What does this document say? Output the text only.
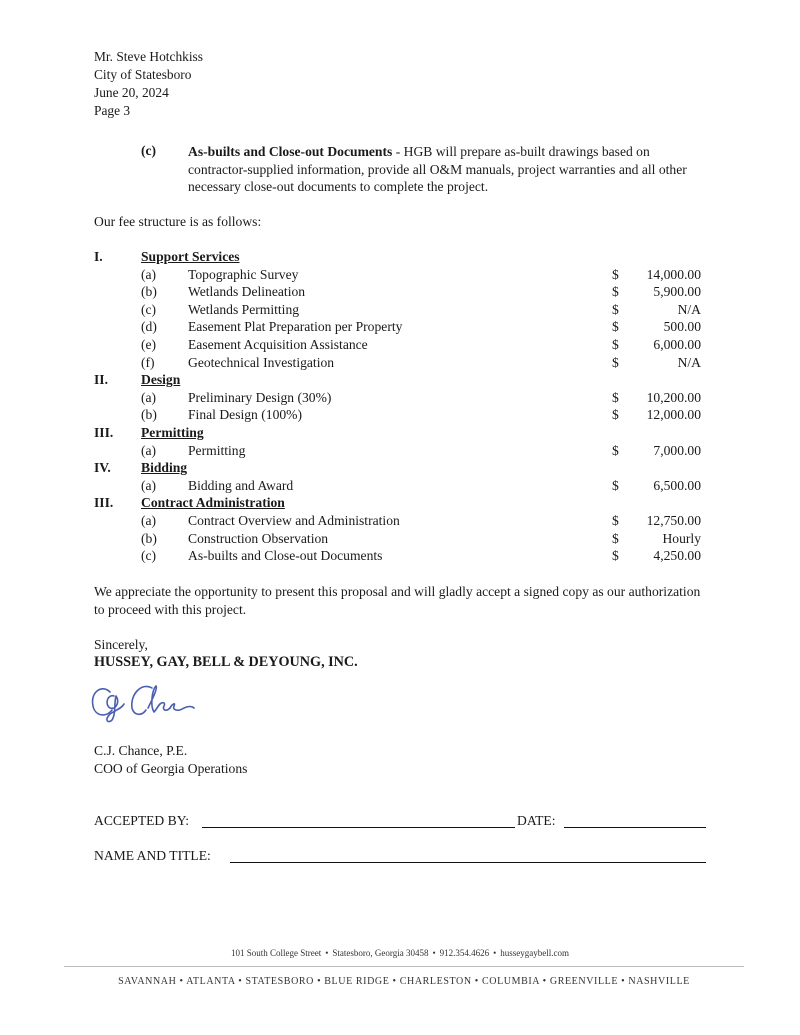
Mr. Steve Hotchkiss
City of Statesboro
June 20, 2024
Page 3
(c) As-builts and Close-out Documents - HGB will prepare as-built drawings based on contractor-supplied information, provide all O&M manuals, project warranties and all other necessary close-out documents to complete the project.
Our fee structure is as follows:
I.	Support Services
(a) Topographic Survey	$ 14,000.00
(b) Wetlands Delineation	$	5,900.00
(c) Wetlands Permitting	$	N/A
(d) Easement Plat Preparation per Property	$	500.00
(e) Easement Acquisition Assistance	$	6,000.00
(f) Geotechnical Investigation	$	N/A
II. Design
(a) Preliminary Design (30%)	$ 10,200.00
(b) Final Design (100%)	$ 12,000.00
III. Permitting
(a) Permitting	$	7,000.00
IV. Bidding
(a) Bidding and Award	$	6,500.00
III. Contract Administration
(a) Contract Overview and Administration	$ 12,750.00
(b) Construction Observation	$	Hourly
(c) As-builts and Close-out Documents	$	4,250.00
We appreciate the opportunity to present this proposal and will gladly accept a signed copy as our authorization to proceed with this project.
Sincerely,
HUSSEY, GAY, BELL & DEYOUNG, INC.
C.J. Chance, P.E.
COO of Georgia Operations
ACCEPTED BY:	DATE:
NAME AND TITLE:
101 South College Street • Statesboro, Georgia 30458 • 912.354.4626 • husseygaybell.com
SAVANNAH • ATLANTA • STATESBORO • BLUE RIDGE • CHARLESTON • COLUMBIA • GREENVILLE • NASHVILLE
